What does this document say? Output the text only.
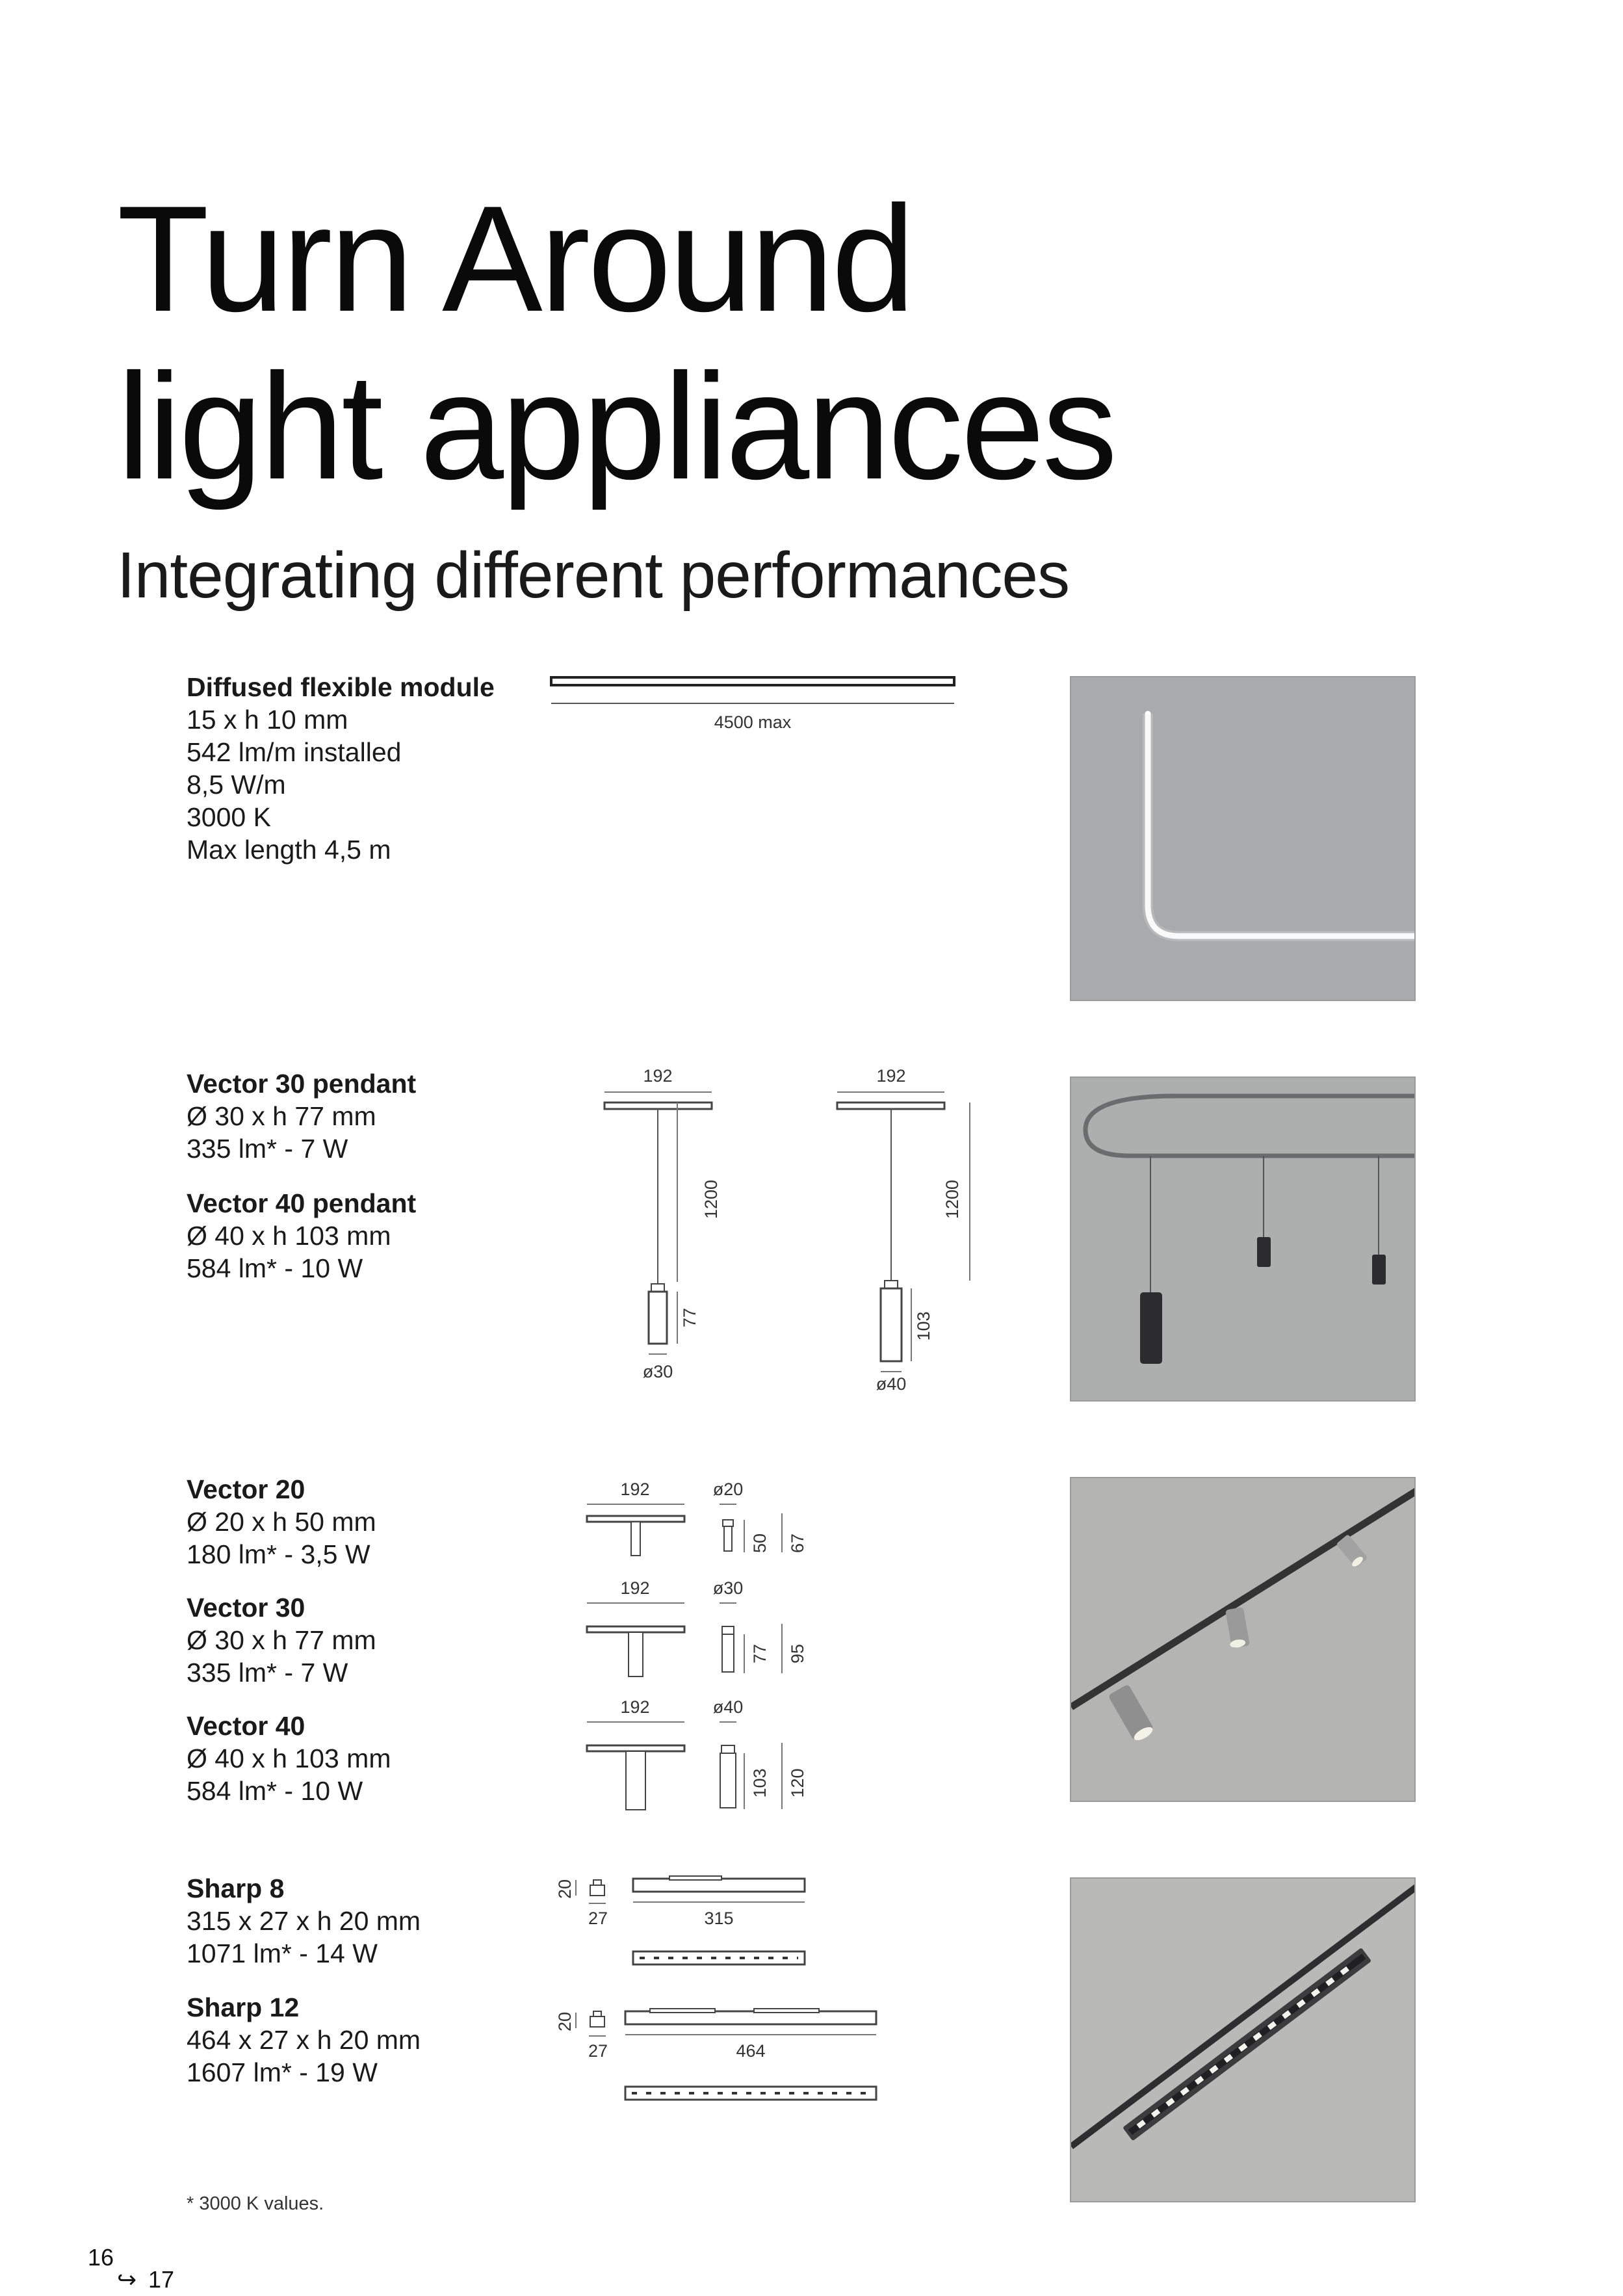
Turn Around
light appliances
Integrating different performances
Diffused flexible module
15 x h 10 mm
542 lm/m installed
8,5 W/m
3000 K
Max length 4,5 m
4500 max
Vector 30 pendant
Ø 30 x h 77 mm
335 lm* - 7 W
Vector 40 pendant
Ø 40 x h 103 mm
584 lm* - 10 W
192
1200
77
ø30
192
1200
103
ø40
Vector 20
Ø 20 x h 50 mm
180 lm* - 3,5 W
Vector 30
Ø 30 x h 77 mm
335 lm* - 7 W
Vector 40
Ø 40 x h 103 mm
584 lm* - 10 W
192	ø20
50 67
192	ø30
77 95
192	ø40
103 120
Sharp 8
315 x 27 x h 20 mm
1071 lm* - 14 W
Sharp 12
464 x 27 x h 20 mm
1607 lm* - 19 W
20
27	315
20
27	464
* 3000 K values.
16
↪ 17
